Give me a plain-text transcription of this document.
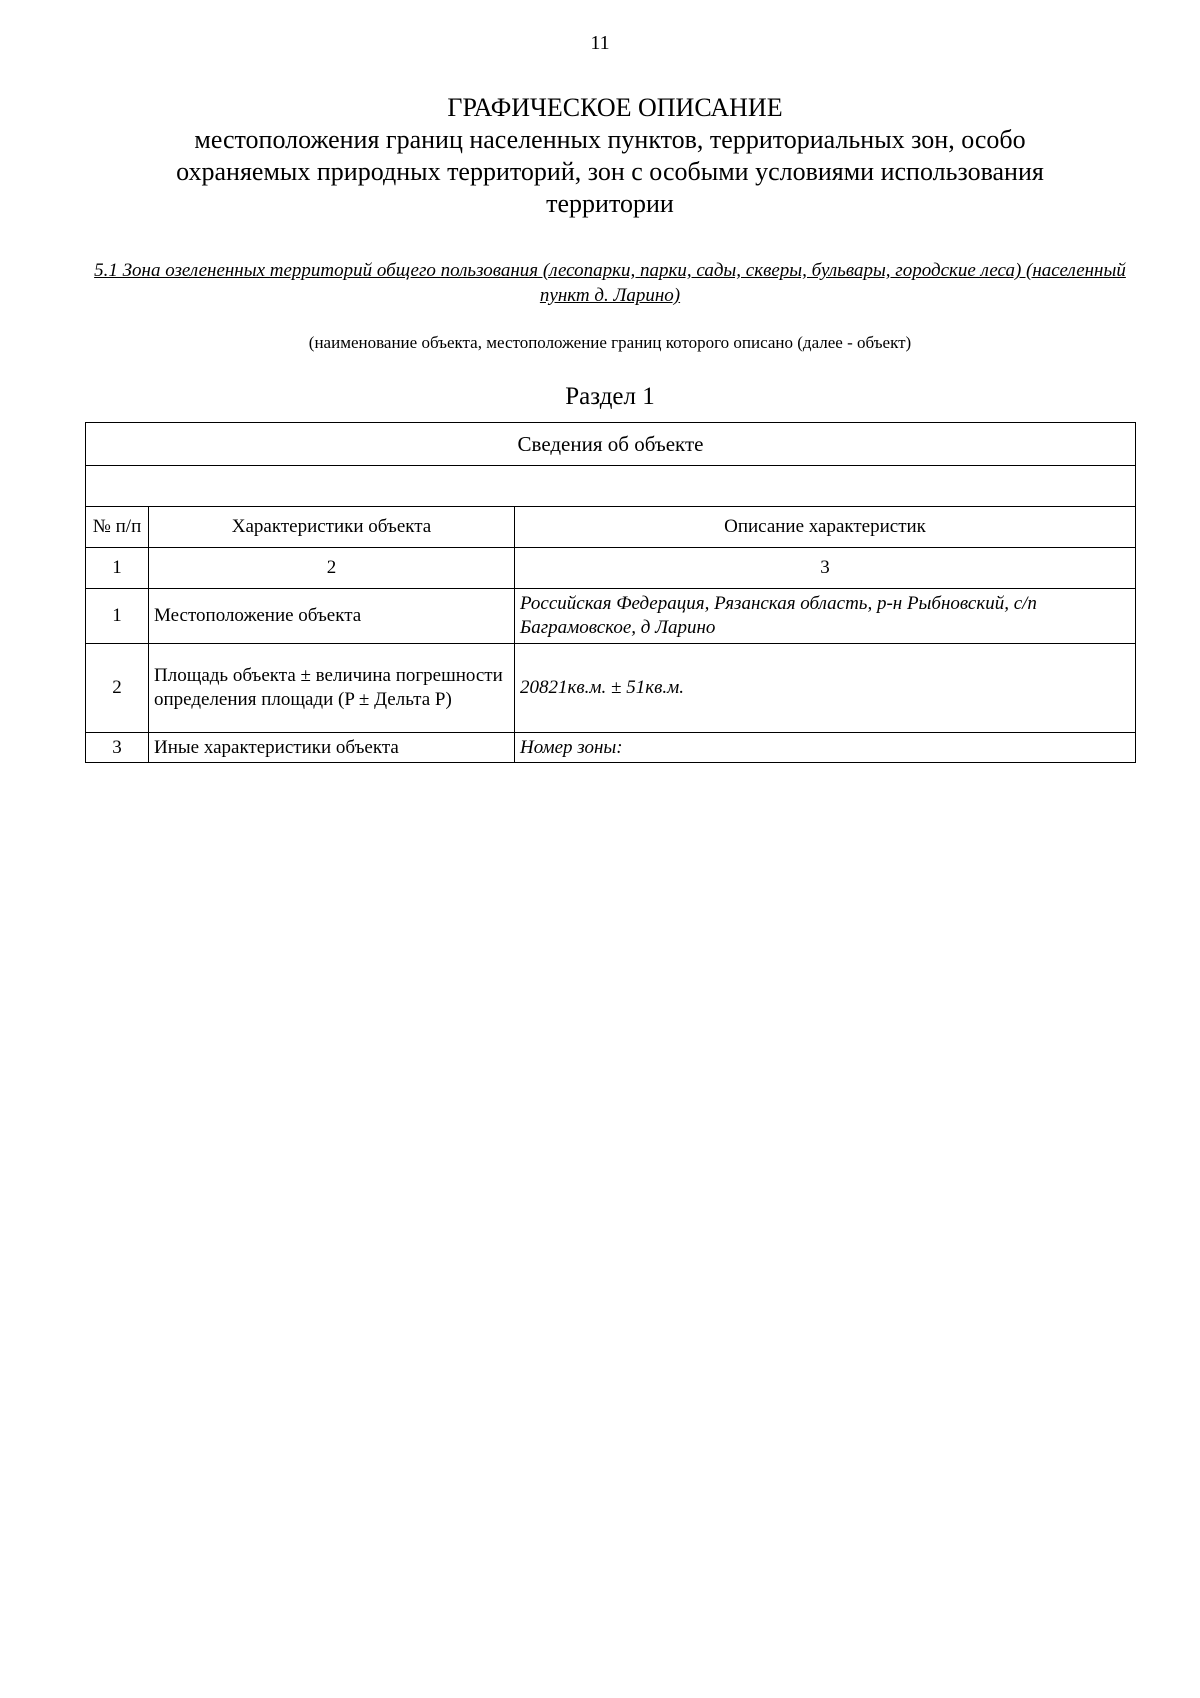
11
ГРАФИЧЕСКОЕ ОПИСАНИЕ
местоположения границ населенных пунктов, территориальных зон, особо охраняемых природных территорий, зон с особыми условиями использования территории
5.1 Зона озелененных территорий общего пользования (лесопарки, парки, сады, скверы, бульвары, городские леса) (населенный пункт д. Ларино)
(наименование объекта, местоположение границ которого описано (далее - объект)
Раздел 1
Сведения об объекте		

№ п/п	Характеристики объекта	Описание характеристик
1	2	3
1	Местоположение объекта	Российская Федерация, Рязанская область, р-н Рыбновский, с/п Баграмовское, д Ларино

2	Площадь объекта ± величина погрешности определения площади (P ± Дельта P)	20821кв.м. ± 51кв.м.
3	Иные характеристики объекта	Номер зоны:
